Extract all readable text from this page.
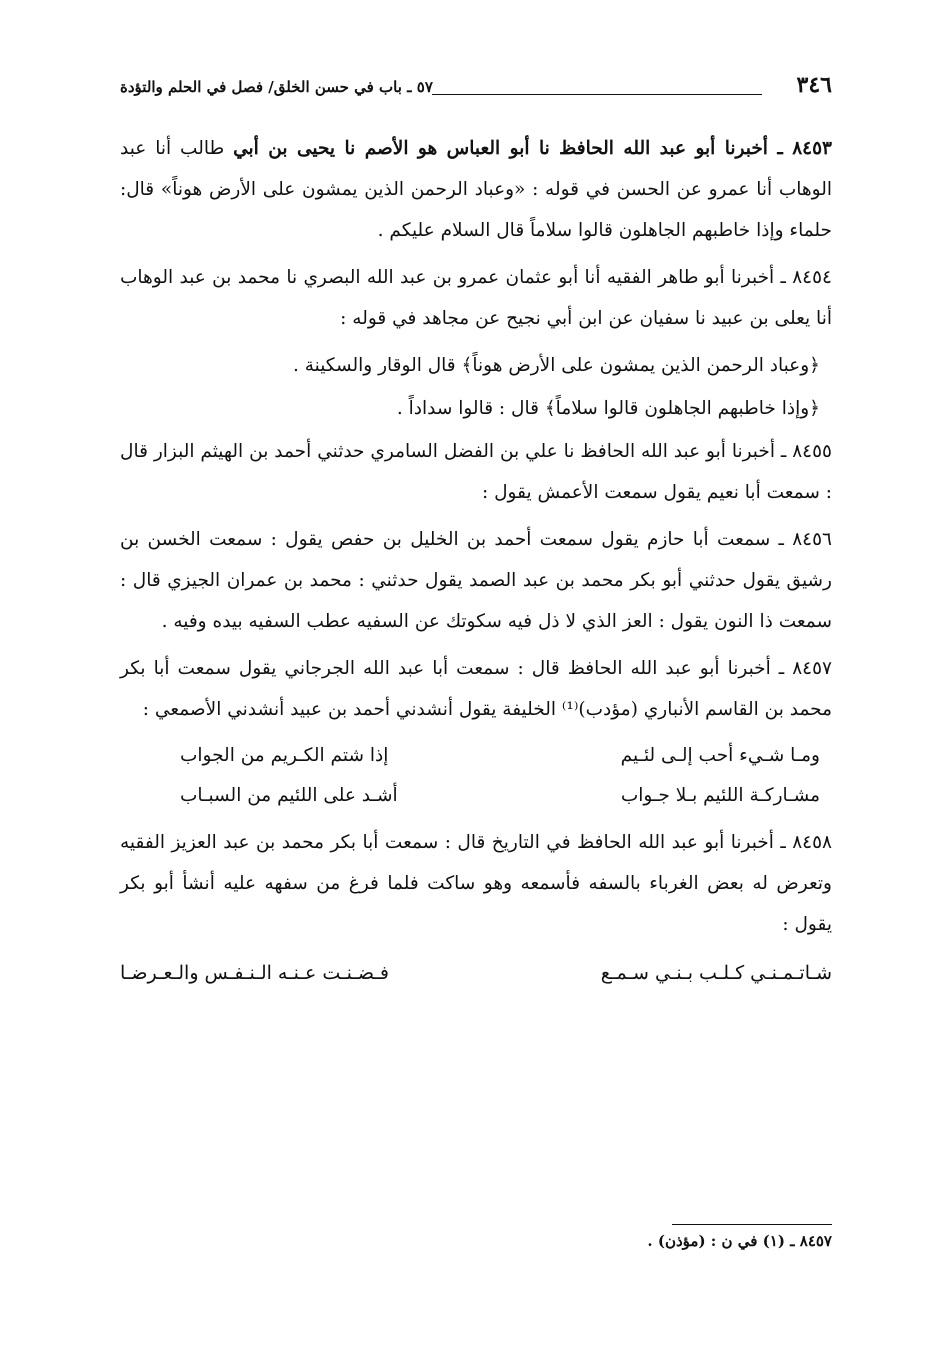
٣٤٦
٥٧ ـ باب في حسن الخلق/ فصل في الحلم والتؤدة

٨٤٥٣ ـ أخبرنا أبو عبد الله الحافظ نا أبو العباس هو الأصم نا يحيى بن أبي طالب أنا عبد الوهاب أنا عمرو عن الحسن في قوله : «وعباد الرحمن الذين يمشون على الأرض هوناً» قال: حلماء وإذا خاطبهم الجاهلون قالوا سلاماً قال السلام عليكم .

٨٤٥٤ ـ أخبرنا أبو طاهر الفقيه أنا أبو عثمان عمرو بن عبد الله البصري نا محمد بن عبد الوهاب أنا يعلى بن عبيد نا سفيان عن ابن أبي نجيح عن مجاهد في قوله :

﴿وعباد الرحمن الذين يمشون على الأرض هوناً﴾ قال الوقار والسكينة .
﴿وإذا خاطبهم الجاهلون قالوا سلاماً﴾ قال : قالوا سداداً .

٨٤٥٥ ـ أخبرنا أبو عبد الله الحافظ نا علي بن الفضل السامري حدثني أحمد بن الهيثم البزار قال : سمعت أبا نعيم يقول سمعت الأعمش يقول :

٨٤٥٦ ـ سمعت أبا حازم يقول سمعت أحمد بن الخليل بن حفص يقول : سمعت الخسن بن رشيق يقول حدثني أبو بكر محمد بن عبد الصمد يقول حدثني : محمد بن عمران الجيزي قال : سمعت ذا النون يقول : العز الذي لا ذل فيه سكوتك عن السفيه عطب السفيه بيده وفيه .

٨٤٥٧ ـ أخبرنا أبو عبد الله الحافظ قال : سمعت أبا عبد الله الجرجاني يقول سمعت أبا بكر محمد بن القاسم الأنباري (مؤدب)⁽¹⁾ الخليفة يقول أنشدني أحمد بن عبيد أنشدني الأصمعي :

ومـا شـيء أحب إلـى لئـيم
إذا شتم الكـريم من الجواب
مشـاركـة اللئيم بـلا جـواب
أشـد على اللئيم من السبـاب

٨٤٥٨ ـ أخبرنا أبو عبد الله الحافظ في التاريخ قال : سمعت أبا بكر محمد بن عبد العزيز الفقيه وتعرض له بعض الغرباء بالسفه فأسمعه وهو ساكت فلما فرغ من سفهه عليه أنشأ أبو بكر يقول :

شـاتـمـنـي كـلـب بـنـي سـمـع
فـضـنـت عـنـه الـنـفـس والـعـرضـا
٨٤٥٧ ـ (١) في ن : (مؤذن) .
